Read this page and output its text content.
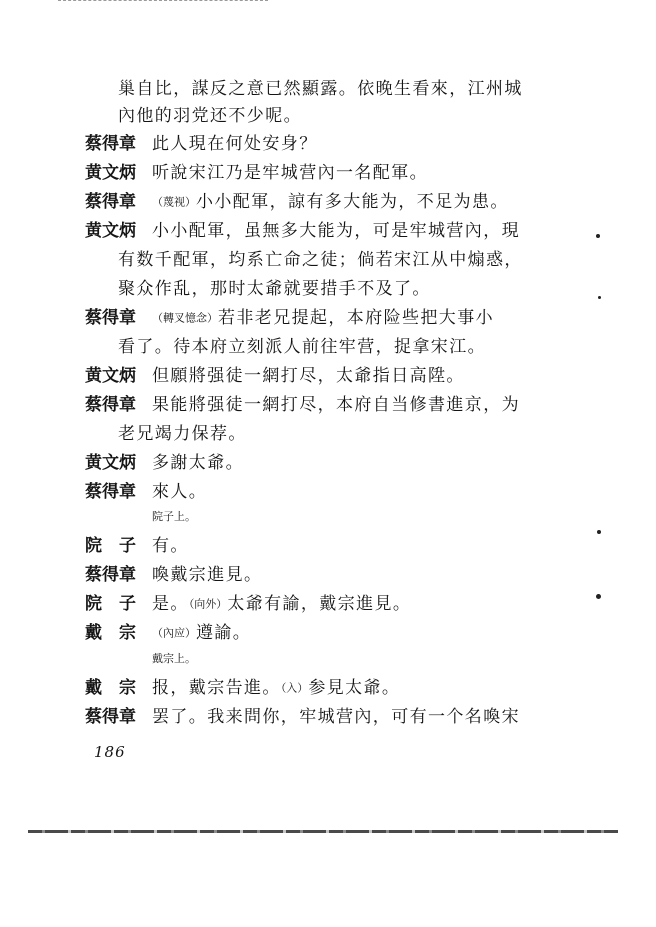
巢自比，謀反之意已然顯露。依晚生看來，江州城
內他的羽党还不少呢。
蔡得章 此人現在何处安身？
黄文炳 听說宋江乃是牢城营內一名配軍。
蔡得章	（蔑视）小小配軍，諒有多大能为，不足为患。
黄文炳 小小配軍，虽無多大能为，可是牢城营內，現
有数千配軍，均系亡命之徒；倘若宋江从中煽惑，
聚众作乱，那时太爺就要措手不及了。
蔡得章	（轉叉憶念）若非老兄提起，本府险些把大事小
看了。待本府立刻派人前往牢营，捉拿宋江。
黄文炳 但願將强徒一網打尽，太爺指日高陞。
蔡得章 果能將强徒一網打尽，本府自当修書進京，为
老兄竭力保荐。
黄文炳 多謝太爺。
蔡得章 來人。
院子上。
院　子 有。
蔡得章 喚戴宗進見。
院　子 是。（向外）太爺有諭，戴宗進見。
戴　宗	（內应）遵諭。
戴宗上。
戴　宗 报，戴宗告進。（入）参見太爺。
蔡得章 罢了。我来問你，牢城营內，可有一个名喚宋
186
